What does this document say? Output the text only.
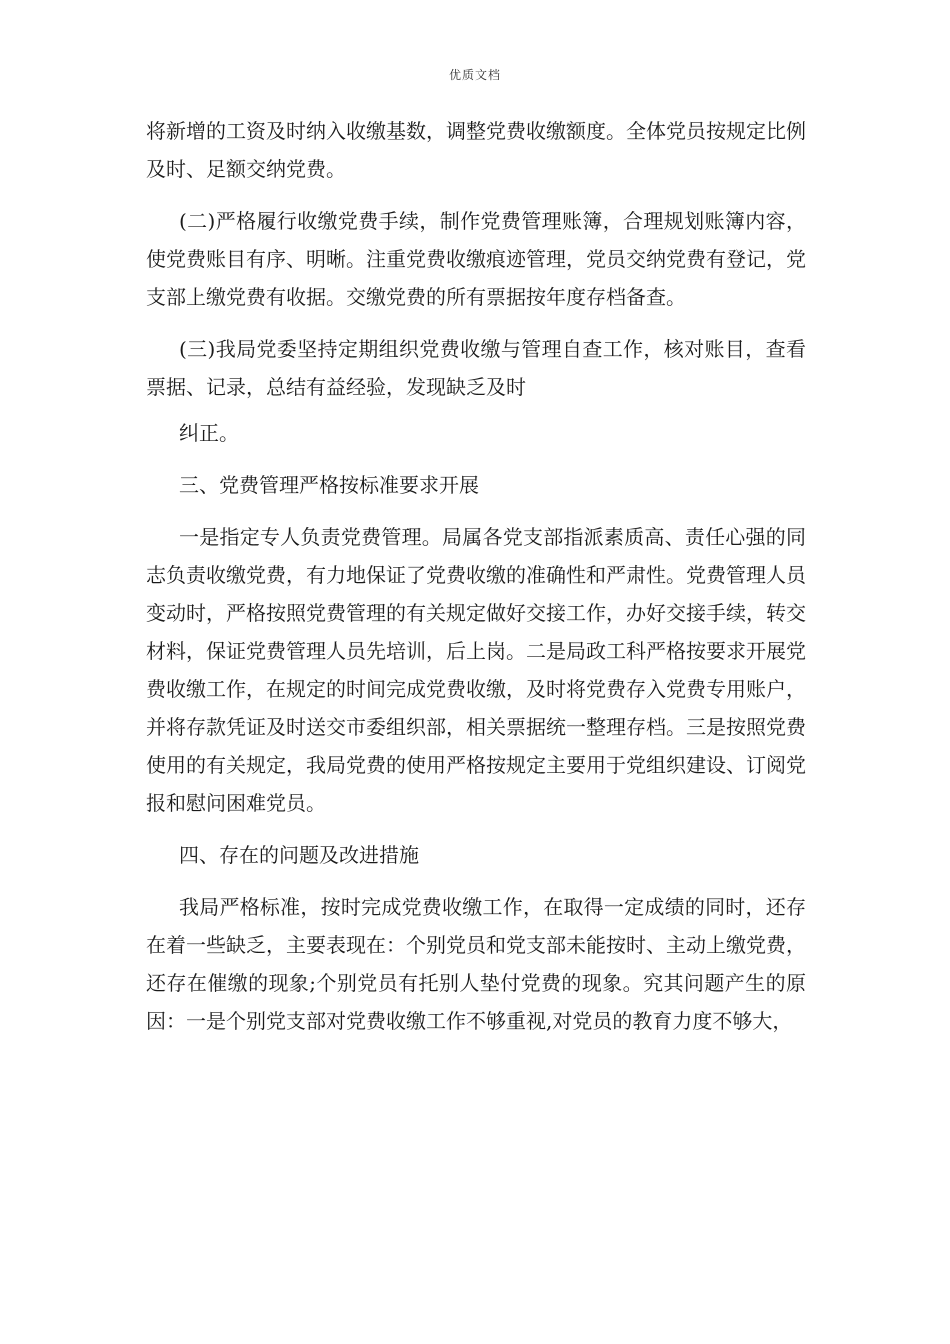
优质文档

将新增的工资及时纳入收缴基数，调整党费收缴额度。全体党员按规定比例及时、足额交纳党费。

(二)严格履行收缴党费手续，制作党费管理账簿，合理规划账簿内容，使党费账目有序、明晰。注重党费收缴痕迹管理，党员交纳党费有登记，党支部上缴党费有收据。交缴党费的所有票据按年度存档备查。

(三)我局党委坚持定期组织党费收缴与管理自查工作，核对账目，查看票据、记录，总结有益经验，发现缺乏及时

纠正。

三、党费管理严格按标准要求开展

一是指定专人负责党费管理。局属各党支部指派素质高、责任心强的同志负责收缴党费，有力地保证了党费收缴的准确性和严肃性。党费管理人员变动时，严格按照党费管理的有关规定做好交接工作，办好交接手续，转交材料，保证党费管理人员先培训，后上岗。二是局政工科严格按要求开展党费收缴工作，在规定的时间完成党费收缴，及时将党费存入党费专用账户，并将存款凭证及时送交市委组织部，相关票据统一整理存档。三是按照党费使用的有关规定，我局党费的使用严格按规定主要用于党组织建设、订阅党报和慰问困难党员。

四、存在的问题及改进措施

我局严格标准，按时完成党费收缴工作，在取得一定成绩的同时，还存在着一些缺乏，主要表现在：个别党员和党支部未能按时、主动上缴党费，还存在催缴的现象;个别党员有托别人垫付党费的现象。究其问题产生的原因：一是个别党支部对党费收缴工作不够重视,对党员的教育力度不够大，
